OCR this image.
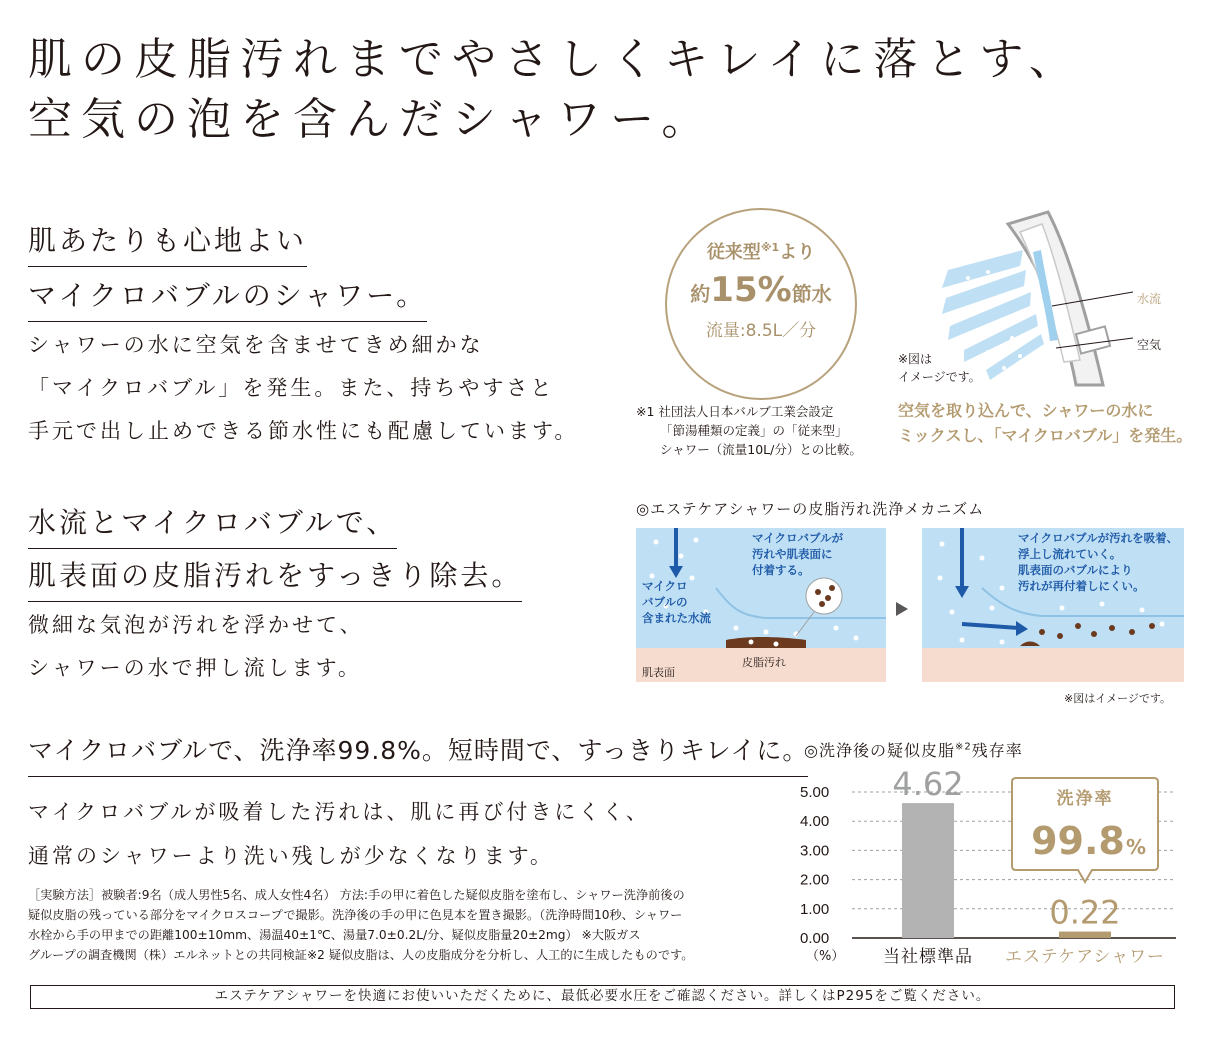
肌の皮脂汚れまでやさしくキレイに落とす、
空気の泡を含んだシャワー。
肌あたりも心地よい
マイクロバブルのシャワー。
シャワーの水に空気を含ませてきめ細かな
「マイクロバブル」を発生。また、持ちやすさと
手元で出し止めできる節水性にも配慮しています。
従来型$^{※1}$より
約15%節水
流量:8.5L／分
※1 社団法人日本バルブ工業会設定
「節湯種類の定義」の「従来型」
シャワー（流量10L/分）との比較。
水流
空気
※図は
イメージです。
空気を取り込んで、シャワーの水に
ミックスし、「マイクロバブル」を発生。
水流とマイクロバブルで、
肌表面の皮脂汚れをすっきり除去。
微細な気泡が汚れを浮かせて、
シャワーの水で押し流します。
◎エステケアシャワーの皮脂汚れ洗浄メカニズム
マイクロ
バブルの
含まれた水流
マイクロバブルが
汚れや肌表面に
付着する。
皮脂汚れ
肌表面
マイクロバブルが汚れを吸着、
浮上し流れていく。
肌表面のバブルにより
汚れが再付着しにくい。
※図はイメージです。
マイクロバブルで、洗浄率99.8%。短時間で、すっきりキレイに。
マイクロバブルが吸着した汚れは、肌に再び付きにくく、
通常のシャワーより洗い残しが少なくなります。
［実験方法］被験者:9名（成人男性5名、成人女性4名） 方法:手の甲に着色した疑似皮脂を塗布し、シャワー洗浄前後の
疑似皮脂の残っている部分をマイクロスコープで撮影。洗浄後の手の甲に色見本を置き撮影。（洗浄時間10秒、シャワー
水栓から手の甲までの距離100±10mm、湯温40±1℃、湯量7.0±0.2L/分、疑似皮脂量20±2mg） ※大阪ガス
グループの調査機関（株）エルネットとの共同検証※2 疑似皮脂は、人の皮脂成分を分析し、人工的に生成したものです。
◎洗浄後の疑似皮脂$^{※2}$残存率
5.00
4.00
3.00
2.00
1.00
0.00
（%）
4.62
当社標準品
0.22
エステケアシャワー
洗浄率
99.8 %
エステケアシャワーを快適にお使いいただくために、最低必要水圧をご確認ください。詳しくはP295をご覧ください。
